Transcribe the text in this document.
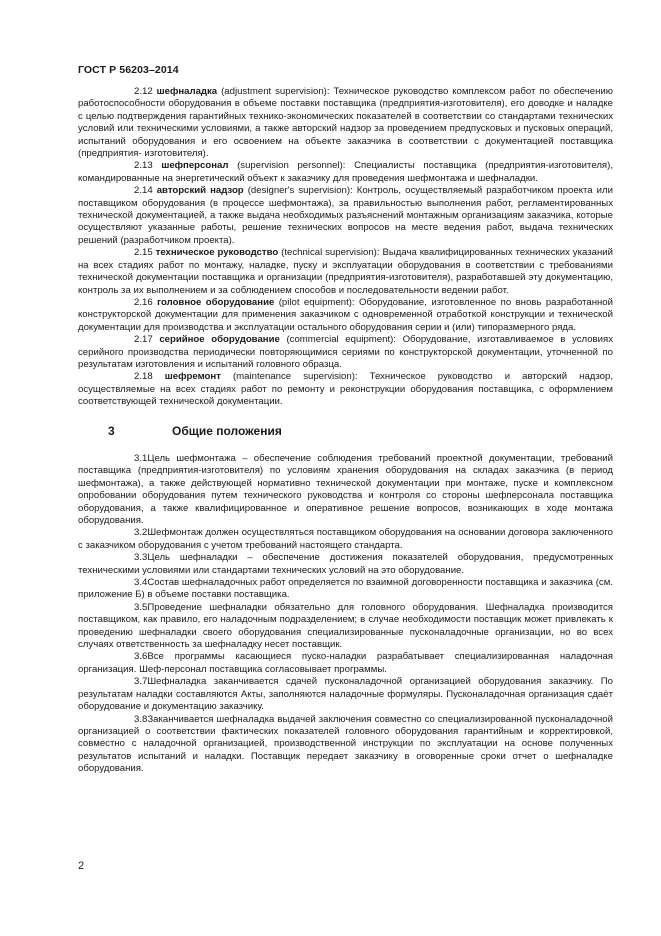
ГОСТ Р 56203–2014

2.12 шефналадка (adjustment supervision): Техническое руководство комплексом работ по обеспечению работоспособности оборудования в объеме поставки поставщика (предприятия-изготовителя), его доводке и наладке с целью подтверждения гарантийных технико-экономических показателей в соответствии со стандартами технических условий или техническими условиями, а также авторский надзор за проведением предпусковых и пусковых операций, испытаний оборудования и его освоением на объекте заказчика в соответствии с документацией поставщика (предприятия- изготовителя).

2.13 шефперсонал (supervision personnel): Специалисты поставщика (предприятия-изготовителя), командированные на энергетический объект к заказчику для проведения шефмонтажа и шефналадки.

2.14 авторский надзор (designer's supervision): Контроль, осуществляемый разработчиком проекта или поставщиком оборудования (в процессе шефмонтажа), за правильностью выполнения работ, регламентированных технической документацией, а также выдача необходимых разъяснений монтажным организациям заказчика, которые осуществляют указанные работы, решение технических вопросов на месте ведения работ, выдача технических решений (разработчиком проекта).

2.15 техническое руководство (technical supervision): Выдача квалифицированных технических указаний на всех стадиях работ по монтажу, наладке, пуску и эксплуатации оборудования в соответствии с требованиями технической документации поставщика и организации (предприятия-изготовителя), разработавшей эту документацию, контроль за их выполнением и за соблюдением способов и последовательности ведении работ.

2.16 головное оборудование (pilot equipment): Оборудование, изготовленное по вновь разработанной конструкторской документации для применения заказчиком с одновременной отработкой конструкции и технической документации для производства и эксплуатации остального оборудования серии и (или) типоразмерного ряда.

2.17 серийное оборудование (commercial equipment): Оборудование, изготавливаемое в условиях серийного производства периодически повторяющимися сериями по конструкторской документации, уточненной по результатам изготовления и испытаний головного образца.

2.18 шефремонт (maintenance supervision): Техническое руководство и авторский надзор, осуществляемые на всех стадиях работ по ремонту и реконструкции оборудования поставщика, с оформлением соответствующей технической документации.

3	Общие положения

3.1Цель шефмонтажа – обеспечение соблюдения требований проектной документации, требований поставщика (предприятия-изготовителя) по условиям хранения оборудования на складах заказчика (в период шефмонтажа), а также действующей нормативно технической документации при монтаже, пуске и комплексном опробовании оборудования путем технического руководства и контроля со стороны шефперсонала поставщика оборудования, а также квалифицированное и оперативное решение вопросов, возникающих в ходе монтажа оборудования.

3.2Шефмонтаж должен осуществляться поставщиком оборудования на основании договора заключенного с заказчиком оборудования с учетом требований настоящего стандарта.

3.3Цель шефналадки – обеспечение достижения показателей оборудования, предусмотренных техническими условиями или стандартами технических условий на это оборудование.

3.4Состав шефналадочных работ определяется по взаимной договоренности поставщика и заказчика (см. приложение Б) в объеме поставки поставщика.

3.5Проведение шефналадки обязательно для головного оборудования. Шефналадка производится поставщиком, как правило, его наладочным подразделением; в случае необходимости поставщик может привлекать к проведению шефналадки своего оборудования специализированные пусконаладочные организации, но во всех случаях ответственность за шефналадку несет поставщик.

3.6Все программы касающиеся пуско-наладки разрабатывает специализированная наладочная организация. Шеф-персонал поставщика согласовывает программы.

3.7Шефналадка заканчивается сдачей пусконаладочной организацией оборудования заказчику. По результатам наладки составляются Акты, заполняются наладочные формуляры. Пусконаладочная организация сдаёт оборудование и документацию заказчику.

3.8Заканчивается шефналадка выдачей заключения совместно со специализированной пусконаладочной организацией о соответствии фактических показателей головного оборудования гарантийным и корректировкой, совместно с наладочной организацией, производственной инструкции по эксплуатации на основе полученных результатов испытаний и наладки. Поставщик передает заказчику в оговоренные сроки отчет о шефналадке оборудования.

2
